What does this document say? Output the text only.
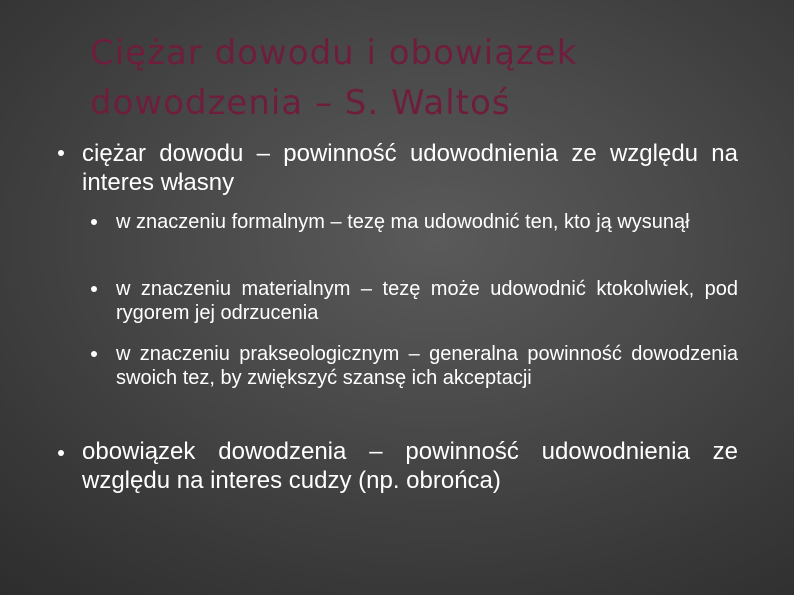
Ciężar dowodu i obowiązek dowodzenia – S. Waltoś
ciężar dowodu – powinność udowodnienia ze względu na interes własny
w znaczeniu formalnym – tezę ma udowodnić ten, kto ją wysunął
w znaczeniu materialnym – tezę może udowodnić ktokolwiek, pod rygorem jej odrzucenia
w znaczeniu prakseologicznym – generalna powinność dowodzenia swoich tez, by zwiększyć szansę ich akceptacji
obowiązek dowodzenia – powinność udowodnienia ze względu na interes cudzy (np. obrońca)
